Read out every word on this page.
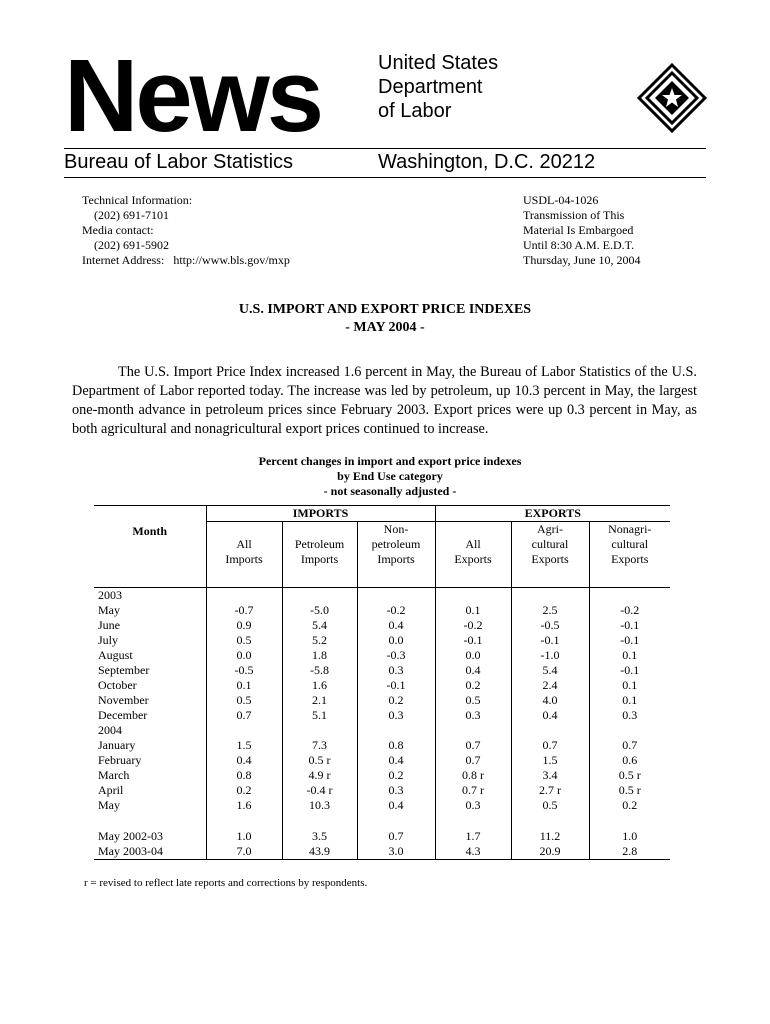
News	United States
Department
of Labor
Bureau of Labor Statistics	Washington, D.C. 20212
Technical Information:
(202) 691-7101
Media contact:
(202) 691-5902
Internet Address:   http://www.bls.gov/mxp
USDL-04-1026
Transmission of This
Material Is Embargoed
Until 8:30 A.M. E.D.T.
Thursday, June 10, 2004
U.S. IMPORT AND EXPORT PRICE INDEXES
- MAY 2004 -
The U.S. Import Price Index increased 1.6 percent in May, the Bureau of Labor Statistics of the U.S. Department of Labor reported today. The increase was led by petroleum, up 10.3 percent in May, the largest one-month advance in petroleum prices since February 2003. Export prices were up 0.3 percent in May, as both agricultural and nonagricultural export prices continued to increase.
Percent changes in import and export price indexes
by End Use category
- not seasonally adjusted -
Month	IMPORTS			EXPORTS		
			Non-		Agri-	Nonagri-
	All	Petroleum	petroleum	All	cultural	cultural
	Imports	Imports	Imports	Exports	Exports	Exports

2003						
May	-0.7	-5.0	-0.2	0.1	2.5	-0.2
June	0.9	5.4	0.4	-0.2	-0.5	-0.1
July	0.5	5.2	0.0	-0.1	-0.1	-0.1
August	0.0	1.8	-0.3	0.0	-1.0	0.1
September	-0.5	-5.8	0.3	0.4	5.4	-0.1
October	0.1	1.6	-0.1	0.2	2.4	0.1
November	0.5	2.1	0.2	0.5	4.0	0.1
December	0.7	5.1	0.3	0.3	0.4	0.3
2004						
January	1.5	7.3	0.8	0.7	0.7	0.7
February	0.4	0.5 r	0.4	0.7	1.5	0.6
March	0.8	4.9 r	0.2	0.8 r	3.4	0.5 r
April	0.2	-0.4 r	0.3	0.7 r	2.7 r	0.5 r
May	1.6	10.3	0.4	0.3	0.5	0.2

May 2002-03	1.0	3.5	0.7	1.7	11.2	1.0
May 2003-04	7.0	43.9	3.0	4.3	20.9	2.8
r = revised to reflect late reports and corrections by respondents.
